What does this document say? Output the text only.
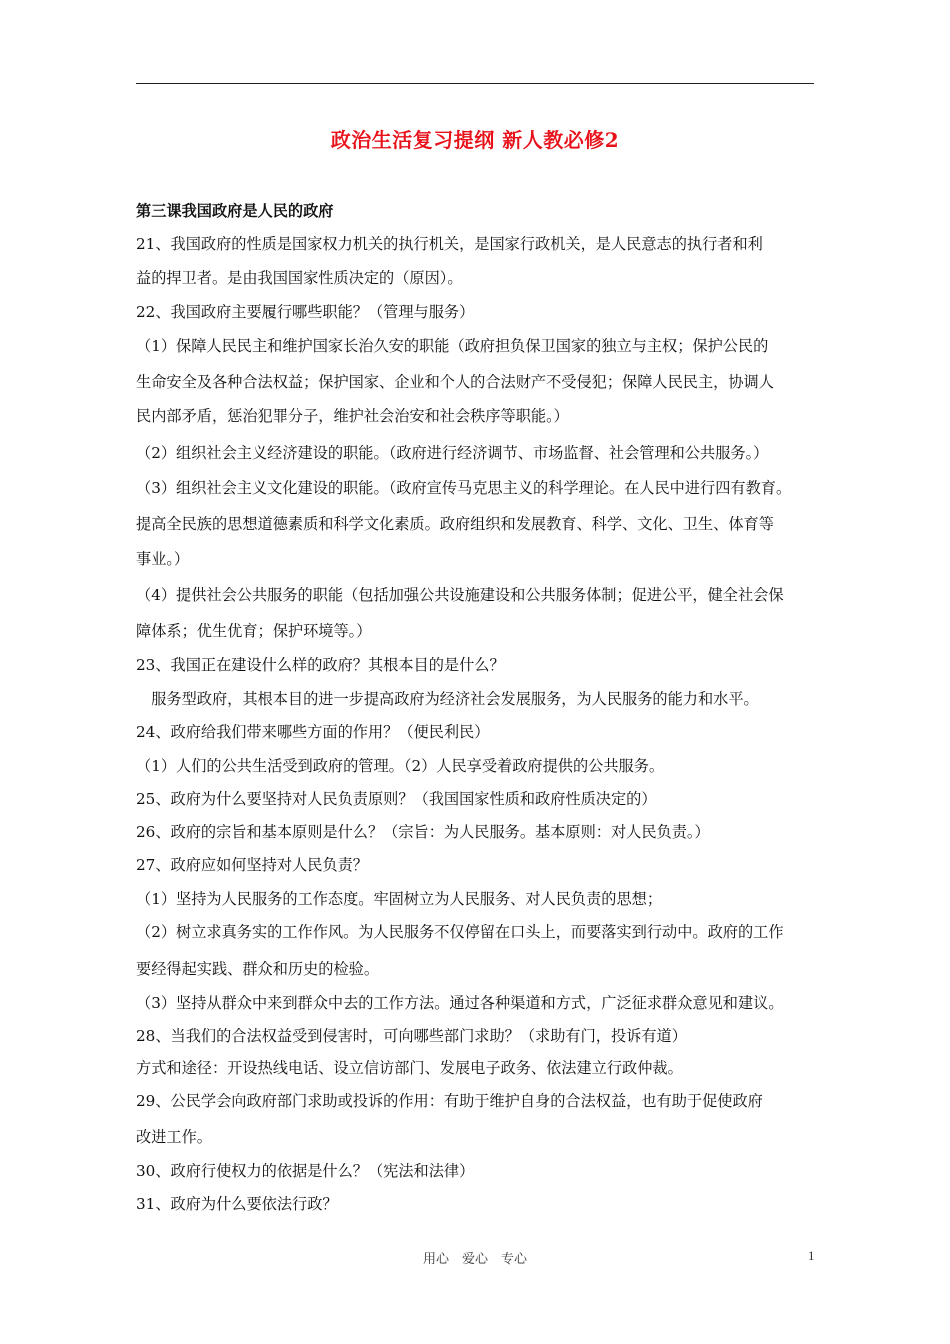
政治生活复习提纲 新人教必修2
第三课我国政府是人民的政府
21、我国政府的性质是国家权力机关的执行机关，是国家行政机关，是人民意志的执行者和利
益的捍卫者。是由我国国家性质决定的（原因）。
22、我国政府主要履行哪些职能？（管理与服务）
（1）保障人民民主和维护国家长治久安的职能（政府担负保卫国家的独立与主权；保护公民的
生命安全及各种合法权益；保护国家、企业和个人的合法财产不受侵犯；保障人民民主，协调人
民内部矛盾，惩治犯罪分子，维护社会治安和社会秩序等职能。）
（2）组织社会主义经济建设的职能。（政府进行经济调节、市场监督、社会管理和公共服务。）
（3）组织社会主义文化建设的职能。（政府宣传马克思主义的科学理论。在人民中进行四有教育。
提高全民族的思想道德素质和科学文化素质。政府组织和发展教育、科学、文化、卫生、体育等
事业。）
（4）提供社会公共服务的职能（包括加强公共设施建设和公共服务体制；促进公平，健全社会保
障体系；优生优育；保护环境等。）
23、我国正在建设什么样的政府？其根本目的是什么？
　服务型政府，其根本目的进一步提高政府为经济社会发展服务，为人民服务的能力和水平。
24、政府给我们带来哪些方面的作用？（便民利民）
（1）人们的公共生活受到政府的管理。（2）人民享受着政府提供的公共服务。
25、政府为什么要坚持对人民负责原则？（我国国家性质和政府性质决定的）
26、政府的宗旨和基本原则是什么？（宗旨：为人民服务。基本原则：对人民负责。）
27、政府应如何坚持对人民负责？
（1）坚持为人民服务的工作态度。牢固树立为人民服务、对人民负责的思想；
（2）树立求真务实的工作作风。为人民服务不仅停留在口头上，而要落实到行动中。政府的工作
要经得起实践、群众和历史的检验。
（3）坚持从群众中来到群众中去的工作方法。通过各种渠道和方式，广泛征求群众意见和建议。
28、当我们的合法权益受到侵害时，可向哪些部门求助？（求助有门，投诉有道）
方式和途径：开设热线电话、设立信访部门、发展电子政务、依法建立行政仲裁。
29、公民学会向政府部门求助或投诉的作用：有助于维护自身的合法权益，也有助于促使政府
改进工作。
30、政府行使权力的依据是什么？（宪法和法律）
31、政府为什么要依法行政？
用心　爱心　专心	1
